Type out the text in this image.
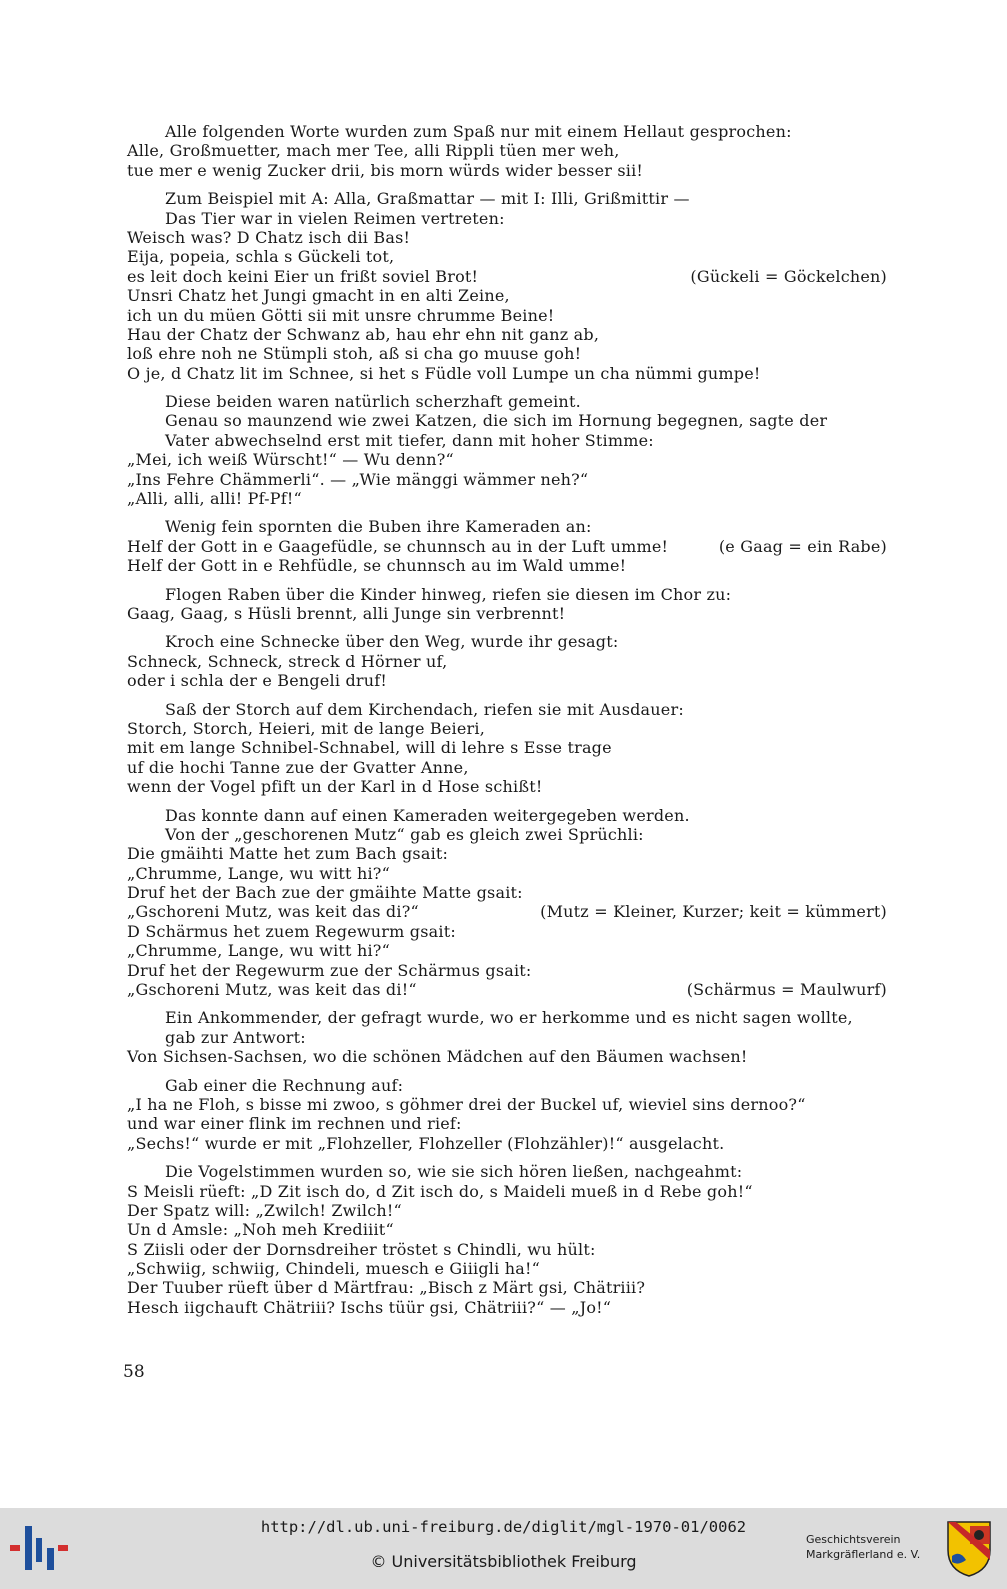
Alle folgenden Worte wurden zum Spaß nur mit einem Hellaut gesprochen:
Alle, Großmuetter, mach mer Tee, alli Rippli tüen mer weh,
tue mer e wenig Zucker drii, bis morn würds wider besser sii!
Zum Beispiel mit A: Alla, Graßmattar — mit I: Illi, Grißmittir —
Das Tier war in vielen Reimen vertreten:
Weisch was? D Chatz isch dii Bas!
Eija, popeia, schla s Gückeli tot,
es leit doch keini Eier un frißt soviel Brot!	(Gückeli = Göckelchen)
Unsri Chatz het Jungi gmacht in en alti Zeine,
ich un du müen Götti sii mit unsre chrumme Beine!
Hau der Chatz der Schwanz ab, hau ehr ehn nit ganz ab,
loß ehre noh ne Stümpli stoh, aß si cha go muuse goh!
O je, d Chatz lit im Schnee, si het s Füdle voll Lumpe un cha nümmi gumpe!
Diese beiden waren natürlich scherzhaft gemeint.
Genau so maunzend wie zwei Katzen, die sich im Hornung begegnen, sagte der
Vater abwechselnd erst mit tiefer, dann mit hoher Stimme:
„Mei, ich weiß Würscht!“ — Wu denn?“
„Ins Fehre Chämmerli“. — „Wie mänggi wämmer neh?“
„Alli, alli, alli! Pf-Pf!“
Wenig fein spornten die Buben ihre Kameraden an:
Helf der Gott in e Gaagefüdle, se chunnsch au in der Luft umme!	(e Gaag = ein Rabe)
Helf der Gott in e Rehfüdle, se chunnsch au im Wald umme!
Flogen Raben über die Kinder hinweg, riefen sie diesen im Chor zu:
Gaag, Gaag, s Hüsli brennt, alli Junge sin verbrennt!
Kroch eine Schnecke über den Weg, wurde ihr gesagt:
Schneck, Schneck, streck d Hörner uf,
oder i schla der e Bengeli druf!
Saß der Storch auf dem Kirchendach, riefen sie mit Ausdauer:
Storch, Storch, Heieri, mit de lange Beieri,
mit em lange Schnibel-Schnabel, will di lehre s Esse trage
uf die hochi Tanne zue der Gvatter Anne,
wenn der Vogel pfift un der Karl in d Hose schißt!
Das konnte dann auf einen Kameraden weitergegeben werden.
Von der „geschorenen Mutz“ gab es gleich zwei Sprüchli:
Die gmäihti Matte het zum Bach gsait:
„Chrumme, Lange, wu witt hi?“
Druf het der Bach zue der gmäihte Matte gsait:
„Gschoreni Mutz, was keit das di?“	(Mutz = Kleiner, Kurzer; keit = kümmert)
D Schärmus het zuem Regewurm gsait:
„Chrumme, Lange, wu witt hi?“
Druf het der Regewurm zue der Schärmus gsait:
„Gschoreni Mutz, was keit das di!“	(Schärmus = Maulwurf)
Ein Ankommender, der gefragt wurde, wo er herkomme und es nicht sagen wollte,
gab zur Antwort:
Von Sichsen-Sachsen, wo die schönen Mädchen auf den Bäumen wachsen!
Gab einer die Rechnung auf:
„I ha ne Floh, s bisse mi zwoo, s göhmer drei der Buckel uf, wieviel sins dernoo?“
und war einer flink im rechnen und rief:
„Sechs!“ wurde er mit „Flohzeller, Flohzeller (Flohzähler)!“ ausgelacht.
Die Vogelstimmen wurden so, wie sie sich hören ließen, nachgeahmt:
S Meisli rüeft: „D Zit isch do, d Zit isch do, s Maideli mueß in d Rebe goh!“
Der Spatz will: „Zwilch! Zwilch!“
Un d Amsle: „Noh meh Krediiit“
S Ziisli oder der Dornsdreiher tröstet s Chindli, wu hült:
„Schwiig, schwiig, Chindeli, muesch e Giiigli ha!“
Der Tuuber rüeft über d Märtfrau: „Bisch z Märt gsi, Chätriii?
Hesch iigchauft Chätriii? Ischs tüür gsi, Chätriii?“ — „Jo!“
58
http://dl.ub.uni-freiburg.de/diglit/mgl-1970-01/0062
© Universitätsbibliothek Freiburg
Geschichtsverein
Markgräflerland e. V.
